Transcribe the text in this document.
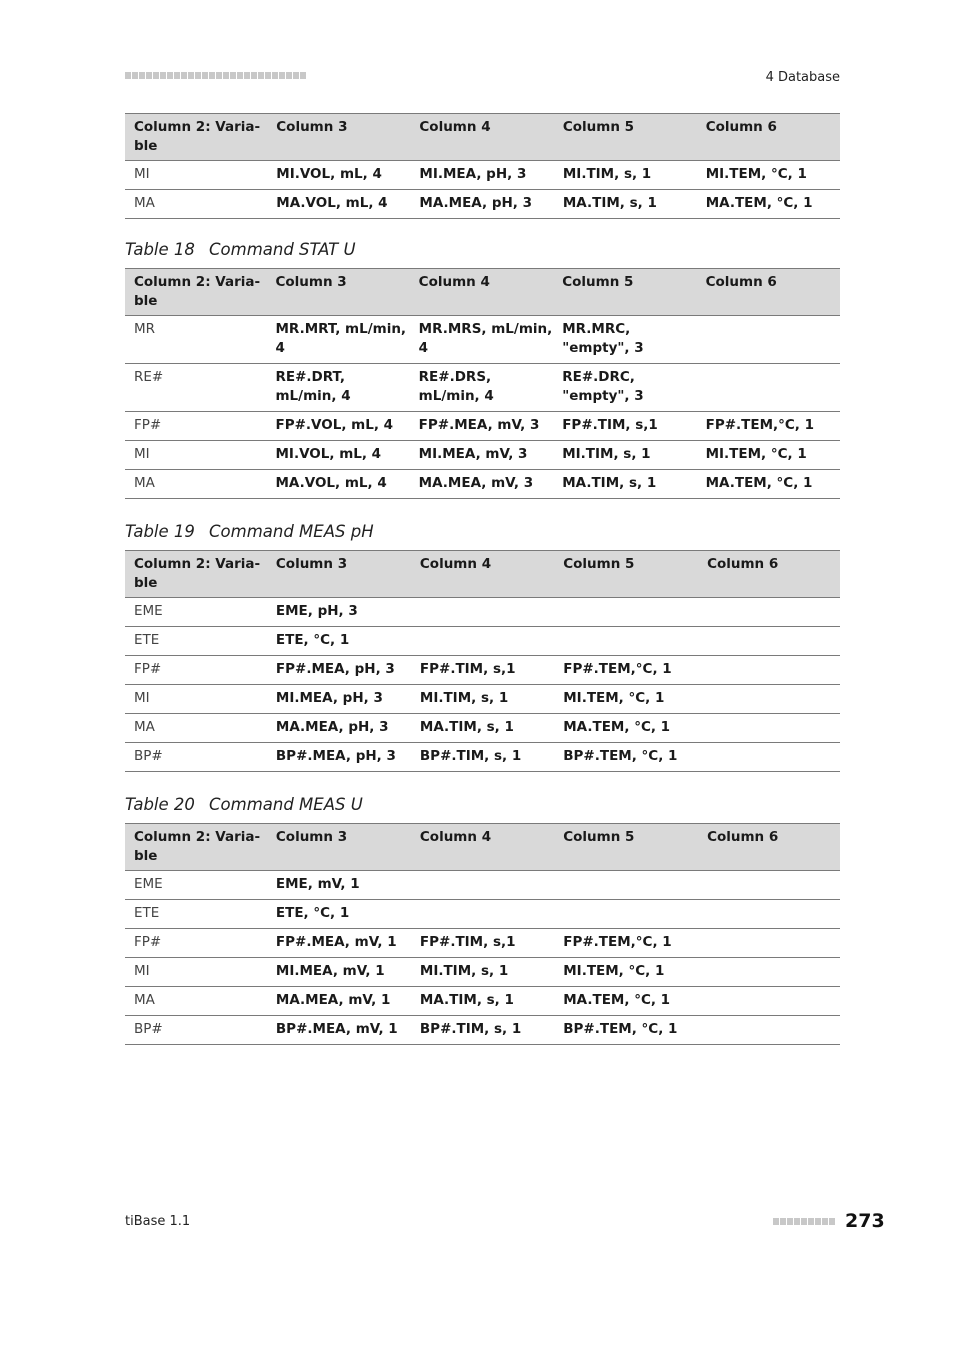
4 Database
Column 2: Varia-ble	Column 3	Column 4	Column 5	Column 6
MI	MI.VOL, mL, 4	MI.MEA, pH, 3	MI.TIM, s, 1	MI.TEM, °C, 1
MA	MA.VOL, mL, 4	MA.MEA, pH, 3	MA.TIM, s, 1	MA.TEM, °C, 1
Table 18 Command STAT U
Column 2: Varia-ble	Column 3	Column 4	Column 5	Column 6
MR	MR.MRT, mL/min, 4	MR.MRS, mL/min, 4	MR.MRC, "empty", 3	
RE#	RE#.DRT, mL/min, 4	RE#.DRS, mL/min, 4	RE#.DRC, "empty", 3	
FP#	FP#.VOL, mL, 4	FP#.MEA, mV, 3	FP#.TIM, s,1	FP#.TEM,°C, 1
MI	MI.VOL, mL, 4	MI.MEA, mV, 3	MI.TIM, s, 1	MI.TEM, °C, 1
MA	MA.VOL, mL, 4	MA.MEA, mV, 3	MA.TIM, s, 1	MA.TEM, °C, 1
Table 19 Command MEAS pH
Column 2: Varia-ble	Column 3	Column 4	Column 5	Column 6
EME	EME, pH, 3			
ETE	ETE, °C, 1			
FP#	FP#.MEA, pH, 3	FP#.TIM, s,1	FP#.TEM,°C, 1	
MI	MI.MEA, pH, 3	MI.TIM, s, 1	MI.TEM, °C, 1	
MA	MA.MEA, pH, 3	MA.TIM, s, 1	MA.TEM, °C, 1	
BP#	BP#.MEA, pH, 3	BP#.TIM, s, 1	BP#.TEM, °C, 1	
Table 20 Command MEAS U
Column 2: Varia-ble	Column 3	Column 4	Column 5	Column 6
EME	EME, mV, 1			
ETE	ETE, °C, 1			
FP#	FP#.MEA, mV, 1	FP#.TIM, s,1	FP#.TEM,°C, 1	
MI	MI.MEA, mV, 1	MI.TIM, s, 1	MI.TEM, °C, 1	
MA	MA.MEA, mV, 1	MA.TIM, s, 1	MA.TEM, °C, 1	
BP#	BP#.MEA, mV, 1	BP#.TIM, s, 1	BP#.TEM, °C, 1	
tiBase 1.1	273
